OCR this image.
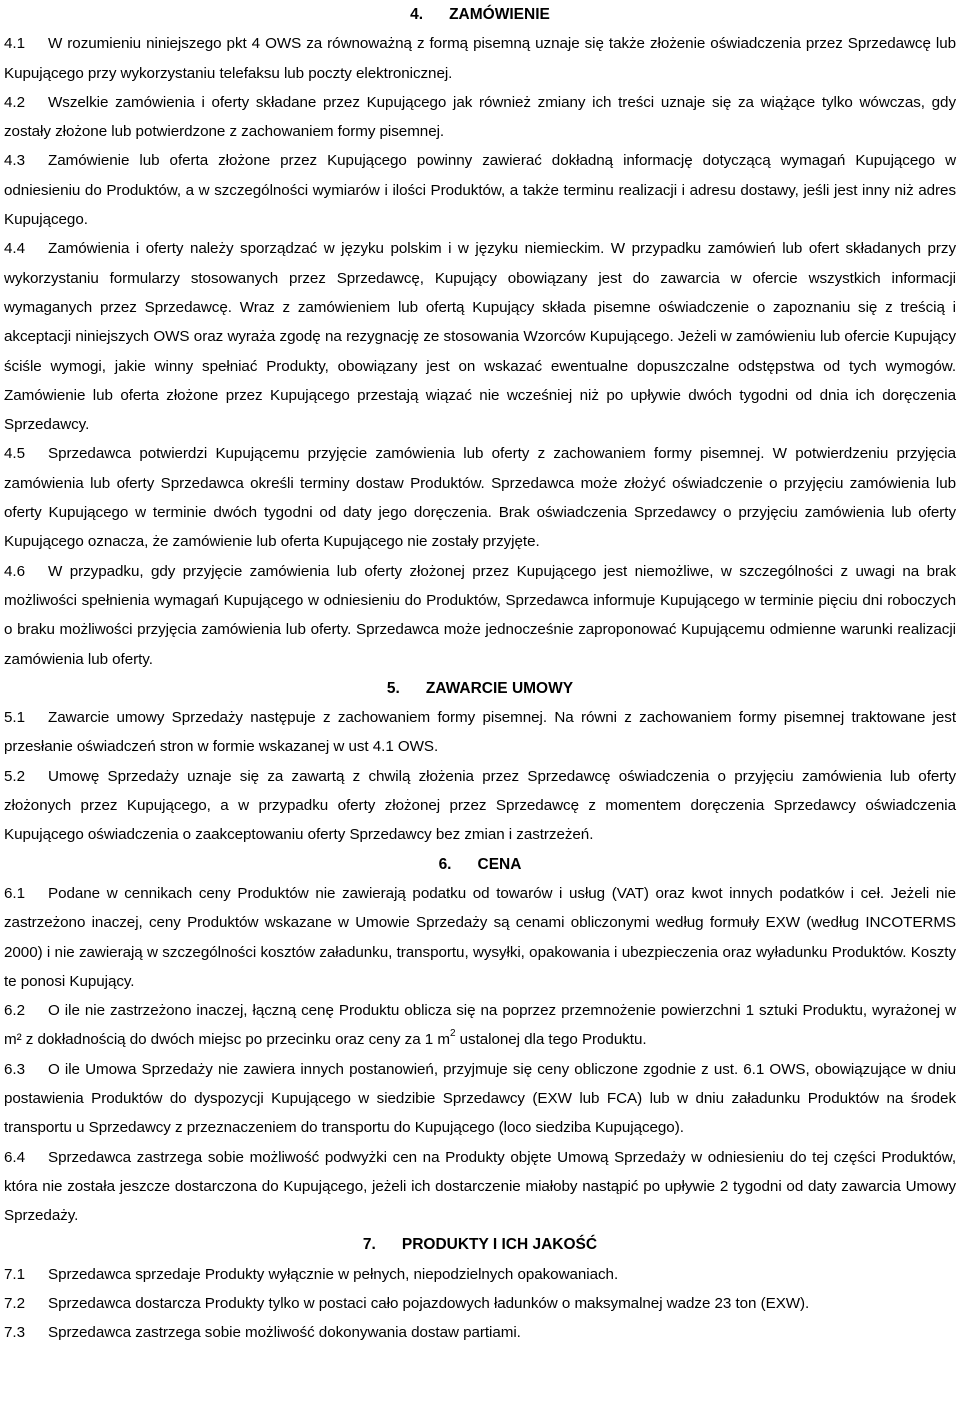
4. ZAMÓWIENIE

4.1 W rozumieniu niniejszego pkt 4 OWS za równoważną z formą pisemną uznaje się także złożenie oświadczenia przez Sprzedawcę lub Kupującego przy wykorzystaniu telefaksu lub poczty elektronicznej.

4.2 Wszelkie zamówienia i oferty składane przez Kupującego jak również zmiany ich treści uznaje się za wiążące tylko wówczas, gdy zostały złożone lub potwierdzone z zachowaniem formy pisemnej.

4.3 Zamówienie lub oferta złożone przez Kupującego powinny zawierać dokładną informację dotyczącą wymagań Kupującego w odniesieniu do Produktów, a w szczególności wymiarów i ilości Produktów, a także terminu realizacji i adresu dostawy, jeśli jest inny niż adres Kupującego.

4.4 Zamówienia i oferty należy sporządzać w języku polskim i w języku niemieckim. W przypadku zamówień lub ofert składanych przy wykorzystaniu formularzy stosowanych przez Sprzedawcę, Kupujący obowiązany jest do zawarcia w ofercie wszystkich informacji wymaganych przez Sprzedawcę. Wraz z zamówieniem lub ofertą Kupujący składa pisemne oświadczenie o zapoznaniu się z treścią i akceptacji niniejszych OWS oraz wyraża zgodę na rezygnację ze stosowania Wzorców Kupującego. Jeżeli w zamówieniu lub ofercie Kupujący ściśle wymogi, jakie winny spełniać Produkty, obowiązany jest on wskazać ewentualne dopuszczalne odstępstwa od tych wymogów. Zamówienie lub oferta złożone przez Kupującego przestają wiązać nie wcześniej niż po upływie dwóch tygodni od dnia ich doręczenia Sprzedawcy.

4.5 Sprzedawca potwierdzi Kupującemu przyjęcie zamówienia lub oferty z zachowaniem formy pisemnej. W potwierdzeniu przyjęcia zamówienia lub oferty Sprzedawca określi terminy dostaw Produktów. Sprzedawca może złożyć oświadczenie o przyjęciu zamówienia lub oferty Kupującego w terminie dwóch tygodni od daty jego doręczenia. Brak oświadczenia Sprzedawcy o przyjęciu zamówienia lub oferty Kupującego oznacza, że zamówienie lub oferta Kupującego nie zostały przyjęte.

4.6 W przypadku, gdy przyjęcie zamówienia lub oferty złożonej przez Kupującego jest niemożliwe, w szczególności z uwagi na brak możliwości spełnienia wymagań Kupującego w odniesieniu do Produktów, Sprzedawca informuje Kupującego w terminie pięciu dni roboczych o braku możliwości przyjęcia zamówienia lub oferty. Sprzedawca może jednocześnie zaproponować Kupującemu odmienne warunki realizacji zamówienia lub oferty.

5. ZAWARCIE UMOWY

5.1 Zawarcie umowy Sprzedaży następuje z zachowaniem formy pisemnej. Na równi z zachowaniem formy pisemnej traktowane jest przesłanie oświadczeń stron w formie wskazanej w ust 4.1 OWS.

5.2 Umowę Sprzedaży uznaje się za zawartą z chwilą złożenia przez Sprzedawcę oświadczenia o przyjęciu zamówienia lub oferty złożonych przez Kupującego, a w przypadku oferty złożonej przez Sprzedawcę z momentem doręczenia Sprzedawcy oświadczenia Kupującego oświadczenia o zaakceptowaniu oferty Sprzedawcy bez zmian i zastrzeżeń.

6. CENA

6.1 Podane w cennikach ceny Produktów nie zawierają podatku od towarów i usług (VAT) oraz kwot innych podatków i ceł. Jeżeli nie zastrzeżono inaczej, ceny Produktów wskazane w Umowie Sprzedaży są cenami obliczonymi według formuły EXW (według INCOTERMS 2000) i nie zawierają w szczególności kosztów załadunku, transportu, wysyłki, opakowania i ubezpieczenia oraz wyładunku Produktów. Koszty te ponosi Kupujący.

6.2 O ile nie zastrzeżono inaczej, łączną cenę Produktu oblicza się na poprzez przemnożenie powierzchni 1 sztuki Produktu, wyrażonej w m² z dokładnością do dwóch miejsc po przecinku oraz ceny za 1 $m^2$ ustalonej dla tego Produktu.

6.3 O ile Umowa Sprzedaży nie zawiera innych postanowień, przyjmuje się ceny obliczone zgodnie z ust. 6.1 OWS, obowiązujące w dniu postawienia Produktów do dyspozycji Kupującego w siedzibie Sprzedawcy (EXW lub FCA) lub w dniu załadunku Produktów na środek transportu u Sprzedawcy z przeznaczeniem do transportu do Kupującego (loco siedziba Kupującego).

6.4 Sprzedawca zastrzega sobie możliwość podwyżki cen na Produkty objęte Umową Sprzedaży w odniesieniu do tej części Produktów, która nie została jeszcze dostarczona do Kupującego, jeżeli ich dostarczenie miałoby nastąpić po upływie 2 tygodni od daty zawarcia Umowy Sprzedaży.

7. PRODUKTY I ICH JAKOŚĆ

7.1 Sprzedawca sprzedaje Produkty wyłącznie w pełnych, niepodzielnych opakowaniach.

7.2 Sprzedawca dostarcza Produkty tylko w postaci cało pojazdowych ładunków o maksymalnej wadze 23 ton (EXW).

7.3 Sprzedawca zastrzega sobie możliwość dokonywania dostaw partiami.
